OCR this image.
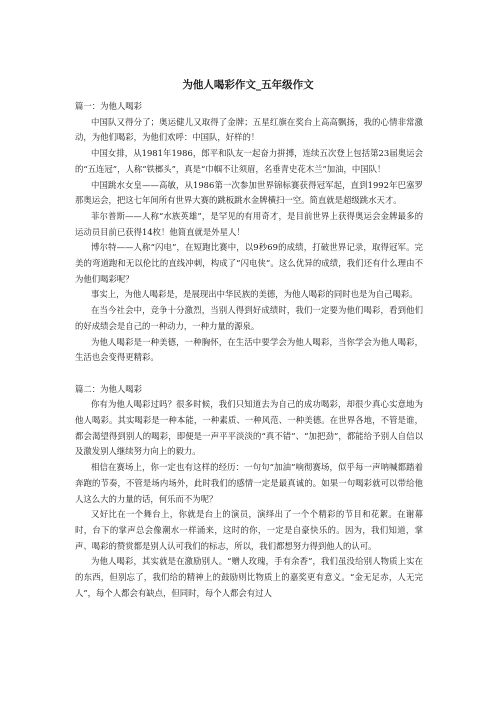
为他人喝彩作文_五年级作文

篇一：为他人喝彩

中国队又得分了；奥运健儿又取得了金牌；五星红旗在奖台上高高飘扬，我的心情非常激动，为他们喝彩，为他们欢呼：中国队，好样的！

中国女排，从1981年1986，郎平和队友一起奋力拼搏，连续五次登上包括第23届奥运会的“五连冠”，人称“铁榔头”，真是“巾帼不让须眉，名垂青史花木兰”加油，中国队！

中国跳水女皇——高敏，从1986第一次参加世界锦标赛获得冠军起，直到1992年巴塞罗那奥运会，把这七年间所有世界大赛的跳板跳水金牌横扫一空。简直就是超级跳水天才。

菲尔普斯——人称“水族英雄”，是罕见的有用奇才，是目前世界上获得奥运会金牌最多的运动员目前已获得14枚！他简直就是外星人！

博尔特——人称“闪电”，在短跑比赛中，以9秒69的成绩，打破世界记录，取得冠军。完美的弯道跑和无以伦比的直线冲刺，构成了“闪电侠”。这么优异的成绩，我们还有什么理由不为他们喝彩呢？

事实上，为他人喝彩是，是展现出中华民族的美德，为他人喝彩的同时也是为自己喝彩。

在当今社会中，竞争十分激烈，当别人得到好成绩时，我们一定要为他们喝彩，看到他们的好成绩会是自己的一种动力，一种力量的源泉。

为他人喝彩是一种美德，一种胸怀，在生活中要学会为他人喝彩，当你学会为他人喝彩，生活也会变得更精彩。

篇二：为他人喝彩

你有为他人喝彩过吗？很多时候，我们只知道去为自己的成功喝彩，却很少真心实意地为他人喝彩。其实喝彩是一种本能，一种素质、一种风范、一种美德。在世界各地，不管是谁，都会渴望得到别人的喝彩，即便是一声平平淡淡的“真不错”、“加把劲”，都能给予别人自信以及激发别人继续努力向上的毅力。

相信在赛场上，你一定也有这样的经历：一句句“加油”响彻赛场，似乎每一声呐喊都踏着奔跑的节奏，不管是场内场外，此时我们的感情一定是最真诚的。如果一句喝彩就可以带给他人这么大的力量的话，何乐而不为呢？

又好比在一个舞台上，你就是台上的演员，演绎出了一个个精彩的节目和花絮。在谢幕时，台下的掌声总会像潮水一样涌来，这时的你，一定是自豪快乐的。因为，我们知道，掌声、喝彩的赞赏都是别人认可我们的标志，所以，我们都想努力得到他人的认可。

为他人喝彩，其实就是在激励别人。“赠人玫瑰，手有余香”，我们虽没给别人物质上实在的东西，但别忘了，我们给的精神上的鼓励则比物质上的嘉奖更有意义。“金无足赤，人无完人”，每个人都会有缺点，但同时，每个人都会有过人
